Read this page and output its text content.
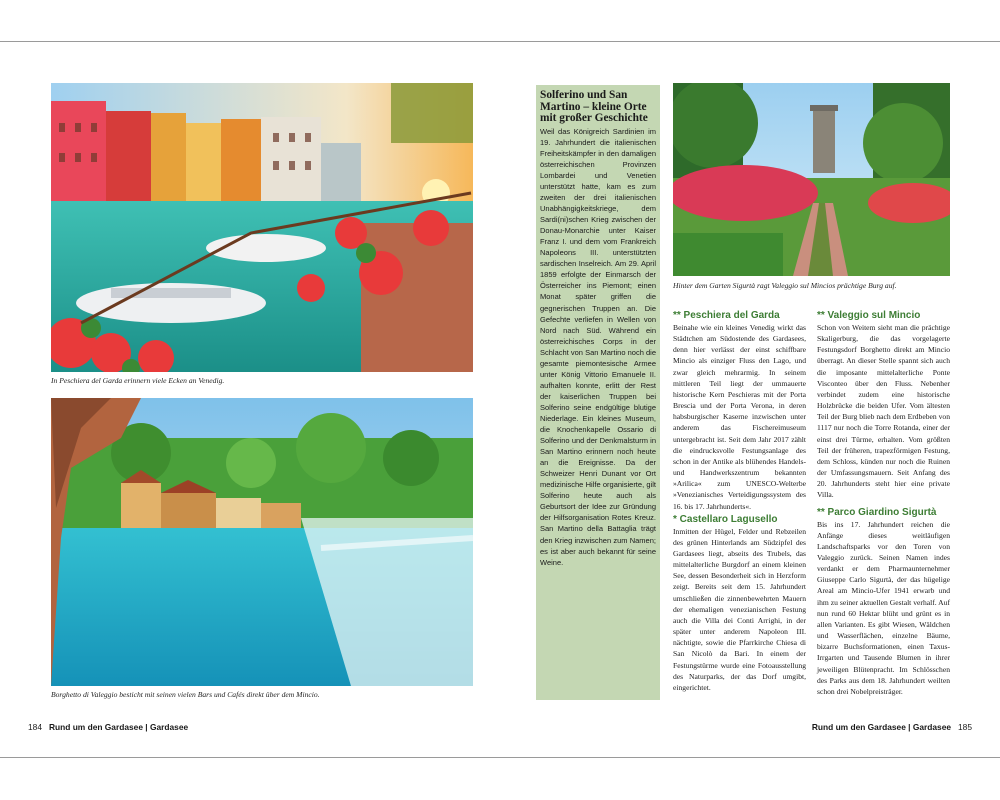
In Peschiera del Garda erinnern viele Ecken an Venedig.
Borghetto di Valeggio besticht mit seinen vielen Bars und Cafés direkt über dem Mincio.
Solferino und San Martino – kleine Orte mit großer Geschichte

Weil das Königreich Sardinien im 19. Jahrhundert die italienischen Freiheitskämpfer in den damaligen österreichischen Provinzen Lombardei und Venetien unterstützt hatte, kam es zum zweiten der drei italienischen Unabhängigkeitskriege, dem Sardi(ni)schen Krieg zwischen der Donau-Monarchie unter Kaiser Franz I. und dem vom Frankreich Napoleons III. unterstützten sardischen Inselreich. Am 29. April 1859 erfolgte der Einmarsch der Österreicher ins Piemont; einen Monat später griffen die gegnerischen Truppen an. Die Gefechte verliefen in Wellen von Nord nach Süd. Während ein österreichisches Corps in der Schlacht von San Martino noch die gesamte piemontesische Armee unter König Vittorio Emanuele II. aufhalten konnte, erlitt der Rest der kaiserlichen Truppen bei Solferino seine endgültige blutige Niederlage. Ein kleines Museum, die Knochenkapelle Ossario di Solferino und der Denkmalsturm in San Martino erinnern noch heute an die Ereignisse. Da der Schweizer Henri Dunant vor Ort medizinische Hilfe organisierte, gilt Solferino heute auch als Geburtsort der Idee zur Gründung der Hilfsorganisation Rotes Kreuz. San Martino della Battaglia trägt den Krieg inzwischen zum Namen; es ist aber auch bekannt für seine Weine.

184 Rund um den Gardasee | Gardasee
Hinter dem Garten Sigurtà ragt Valeggio sul Mincios prächtige Burg auf.
** Peschiera del Garda

Beinahe wie ein kleines Venedig wirkt das Städtchen am Südostende des Gardasees, denn hier verlässt der einst schiffbare Mincio als einziger Fluss den Lago, und zwar gleich mehrarmig. In seinem mittleren Teil liegt der ummauerte historische Kern Peschieras mit der Porta Brescia und der Porta Verona, in deren habsburgischer Kaserne inzwischen unter anderem das Fischereimuseum untergebracht ist. Seit dem Jahr 2017 zählt die eindrucksvolle Festungsanlage des schon in der Antike als blühendes Handels- und Handwerkszentrum bekannten »Arilica« zum UNESCO-Welterbe »Venezianisches Verteidigungssystem des 16. bis 17. Jahrhunderts«.

* Castellaro Lagusello

Inmitten der Hügel, Felder und Rebzeilen des grünen Hinterlands am Südzipfel des Gardasees liegt, abseits des Trubels, das mittelalterliche Burgdorf an einem kleinen See, dessen Besonderheit sich in Herzform zeigt. Bereits seit dem 15. Jahrhundert umschließen die zinnenbewehrten Mauern der ehemaligen venezianischen Festung auch die Villa dei Conti Arrighi, in der später unter anderem Napoleon III. nächtigte, sowie die Pfarrkirche Chiesa di San Nicolò da Bari. In einem der Festungstürme wurde eine Fotoausstellung des Naturparks, der das Dorf umgibt, eingerichtet.

** Valeggio sul Mincio

Schon von Weitem sieht man die prächtige Skaligerburg, die das vorgelagerte Festungsdorf Borghetto direkt am Mincio überragt. An dieser Stelle spannt sich auch die imposante mittelalterliche Ponte Visconteo über den Fluss. Nebenher verbindet zudem eine historische Holzbrücke die beiden Ufer. Vom ältesten Teil der Burg blieb nach dem Erdbeben von 1117 nur noch die Torre Rotanda, einer der einst drei Türme, erhalten. Vom größten Teil der früheren, trapezförmigen Festung, dem Schloss, künden nur noch die Ruinen der Umfassungsmauern. Seit Anfang des 20. Jahrhunderts steht hier eine private Villa.

** Parco Giardino Sigurtà

Bis ins 17. Jahrhundert reichen die Anfänge dieses weitläufigen Landschaftsparks vor den Toren von Valeggio zurück. Seinen Namen indes verdankt er dem Pharmaunternehmer Giuseppe Carlo Sigurtà, der das hügelige Areal am Mincio-Ufer 1941 erwarb und ihm zu seiner aktuellen Gestalt verhalf. Auf nun rund 60 Hektar blüht und grünt es in allen Varianten. Es gibt Wiesen, Wäldchen und Wasserflächen, einzelne Bäume, bizarre Buchsformationen, einen Taxus-Irrgarten und Tausende Blumen in ihrer jeweiligen Blütenpracht. Im Schlösschen des Parks aus dem 18. Jahrhundert weilten schon drei Nobelpreisträger.

Rund um den Gardasee | Gardasee 185
